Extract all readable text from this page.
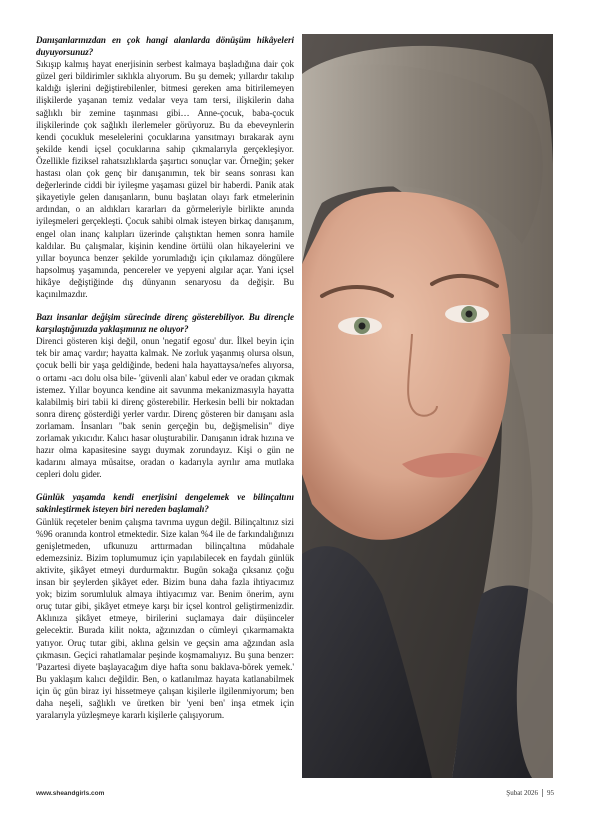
Danışanlarınızdan en çok hangi alanlarda dönüşüm hikâyeleri duyuyorsunuz?

Sıkışıp kalmış hayat enerjisinin serbest kalmaya başladığına dair çok güzel geri bildirimler sıklıkla alıyorum. Bu şu demek; yıllardır takılıp kaldığı işlerini değiştirebilenler, bitmesi gereken ama bitirilemeyen ilişkilerde yaşanan temiz vedalar veya tam tersi, ilişkilerin daha sağlıklı bir zemine taşınması gibi… Anne-çocuk, baba-çocuk ilişkilerinde çok sağlıklı ilerlemeler görüyoruz. Bu da ebeveynlerin kendi çocukluk meselelerini çocuklarına yansıtmayı bırakarak aynı şekilde kendi içsel çocuklarına sahip çıkmalarıyla gerçekleşiyor. Özellikle fiziksel rahatsızlıklarda şaşırtıcı sonuçlar var. Örneğin; şeker hastası olan çok genç bir danışanımın, tek bir seans sonrası kan değerlerinde ciddi bir iyileşme yaşaması güzel bir haberdi. Panik atak şikayetiyle gelen danışanların, bunu başlatan olayı fark etmelerinin ardından, o an aldıkları kararları da görmeleriyle birlikte anında iyileşmeleri gerçekleşti. Çocuk sahibi olmak isteyen birkaç danışanım, engel olan inanç kalıpları üzerinde çalıştıktan hemen sonra hamile kaldılar. Bu çalışmalar, kişinin kendine örtülü olan hikayelerini ve yıllar boyunca benzer şekilde yorumladığı için çıkılamaz döngülere hapsolmuş yaşamında, pencereler ve yepyeni algılar açar. Yani içsel hikâye değiştiğinde dış dünyanın senaryosu da değişir. Bu kaçınılmazdır.

Bazı insanlar değişim sürecinde direnç gösterebiliyor. Bu dirençle karşılaştığınızda yaklaşımınız ne oluyor?

Direnci gösteren kişi değil, onun 'negatif egosu' dur. İlkel beyin için tek bir amaç vardır; hayatta kalmak. Ne zorluk yaşanmış olursa olsun, çocuk belli bir yaşa geldiğinde, bedeni hala hayattaysa/nefes alıyorsa, o ortamı -acı dolu olsa bile- 'güvenli alan' kabul eder ve oradan çıkmak istemez. Yıllar boyunca kendine ait savunma mekanizmasıyla hayatta kalabilmiş biri tabii ki direnç gösterebilir. Herkesin belli bir noktadan sonra direnç gösterdiği yerler vardır. Direnç gösteren bir danışanı asla zorlamam. İnsanları "bak senin gerçeğin bu, değişmelisin" diye zorlamak yıkıcıdır. Kalıcı hasar oluşturabilir. Danışanın idrak hızına ve hazır olma kapasitesine saygı duymak zorundayız. Kişi o gün ne kadarını almaya müsaitse, oradan o kadarıyla ayrılır ama mutlaka cepleri dolu gider.

Günlük yaşamda kendi enerjisini dengelemek ve bilinçaltını sakinleştirmek isteyen biri nereden başlamalı?

Günlük reçeteler benim çalışma tavrıma uygun değil. Bilinçaltınız sizi %96 oranında kontrol etmektedir. Size kalan %4 ile de farkındalığınızı genişletmeden, ufkunuzu arttırmadan bilinçaltına müdahale edemezsiniz. Bizim toplumumuz için yapılabilecek en faydalı günlük aktivite, şikâyet etmeyi durdurmaktır. Bugün sokağa çıksanız çoğu insan bir şeylerden şikâyet eder. Bizim buna daha fazla ihtiyacımız yok; bizim sorumluluk almaya ihtiyacımız var. Benim önerim, aynı oruç tutar gibi, şikâyet etmeye karşı bir içsel kontrol geliştirmenizdir. Aklınıza şikâyet etmeye, birilerini suçlamaya dair düşünceler gelecektir. Burada kilit nokta, ağzınızdan o cümleyi çıkarmamakta yatıyor. Oruç tutar gibi, aklına gelsin ve geçsin ama ağzından asla çıkmasın. Geçici rahatlamalar peşinde koşmamalıyız. Bu şuna benzer: 'Pazartesi diyete başlayacağım diye hafta sonu baklava-börek yemek.' Bu yaklaşım kalıcı değildir. Ben, o katlanılmaz hayata katlanabilmek için üç gün biraz iyi hissetmeye çalışan kişilerle ilgilenmiyorum; ben daha neşeli, sağlıklı ve üretken bir 'yeni ben' inşa etmek için yaralarıyla yüzleşmeye kararlı kişilerle çalışıyorum.

www.sheandgirls.com	Şubat 2026 95
